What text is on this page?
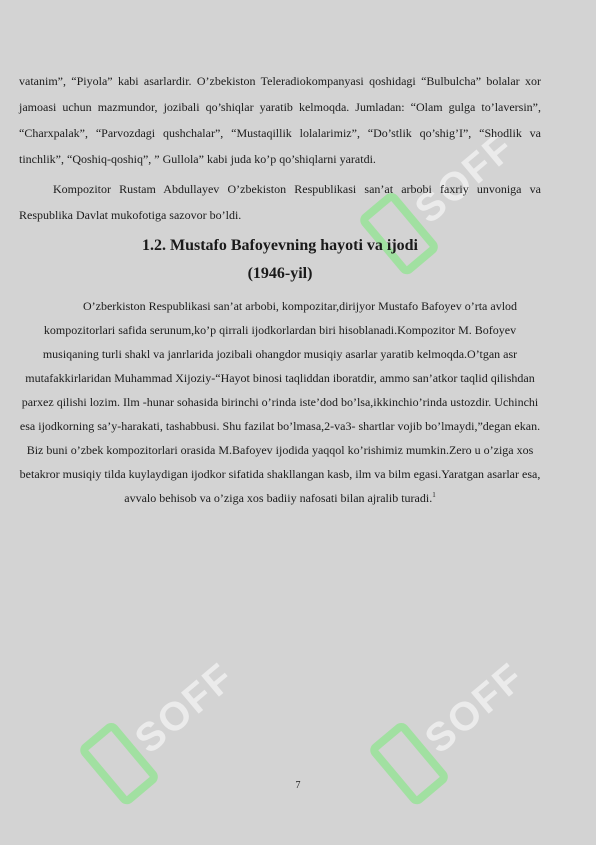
SOFF
SOFF	SOFF

vatanim”, “Piyola” kabi asarlardir. O’zbekiston Teleradiokompanyasi qoshidagi “Bulbulcha” bolalar xor jamoasi uchun mazmundor, jozibali qo’shiqlar yaratib kelmoqda. Jumladan: “Olam gulga to’laversin”, “Charxpalak”, “Parvozdagi qushchalar”, “Mustaqillik lolalarimiz”, “Do’stlik qo’shig’I”, “Shodlik va tinchlik”, “Qoshiq-qoshiq”, ” Gullola” kabi juda ko’p qo’shiqlarni yaratdi.

Kompozitor Rustam Abdullayev O’zbekiston Respublikasi san’at arbobi faxriy unvoniga va Respublika Davlat mukofotiga sazovor bo’ldi.

1.2. Mustafo Bafoyevning hayoti va ijodi
(1946-yil)

O’zberkiston Respublikasi san’at arbobi, kompozitar,dirijyor Mustafo Bafoyev o’rta avlod kompozitorlari safida serunum,ko’p qirrali ijodkorlardan biri hisoblanadi.Kompozitor M. Bofoyev musiqaning turli shakl va janrlarida jozibali ohangdor musiqiy asarlar yaratib kelmoqda.O’tgan asr mutafakkirlaridan Muhammad Xijoziy-“Hayot binosi taqliddan iboratdir, ammo san’atkor taqlid qilishdan parxez qilishi lozim. Ilm -hunar sohasida birinchi o’rinda iste’dod bo’lsa,ikkinchio’rinda ustozdir. Uchinchi esa ijodkorning sa’y-harakati, tashabbusi. Shu fazilat bo’lmasa,2-va3- shartlar vojib bo’lmaydi,”degan ekan. Biz buni o’zbek kompozitorlari orasida M.Bafoyev ijodida yaqqol ko’rishimiz mumkin.Zero u o’ziga xos betakror musiqiy tilda kuylaydigan ijodkor sifatida shakllangan kasb, ilm va bilm egasi.Yaratgan asarlar esa, avvalo behisob va o’ziga xos badiiy nafosati bilan ajralib turadi.$^1$

7
